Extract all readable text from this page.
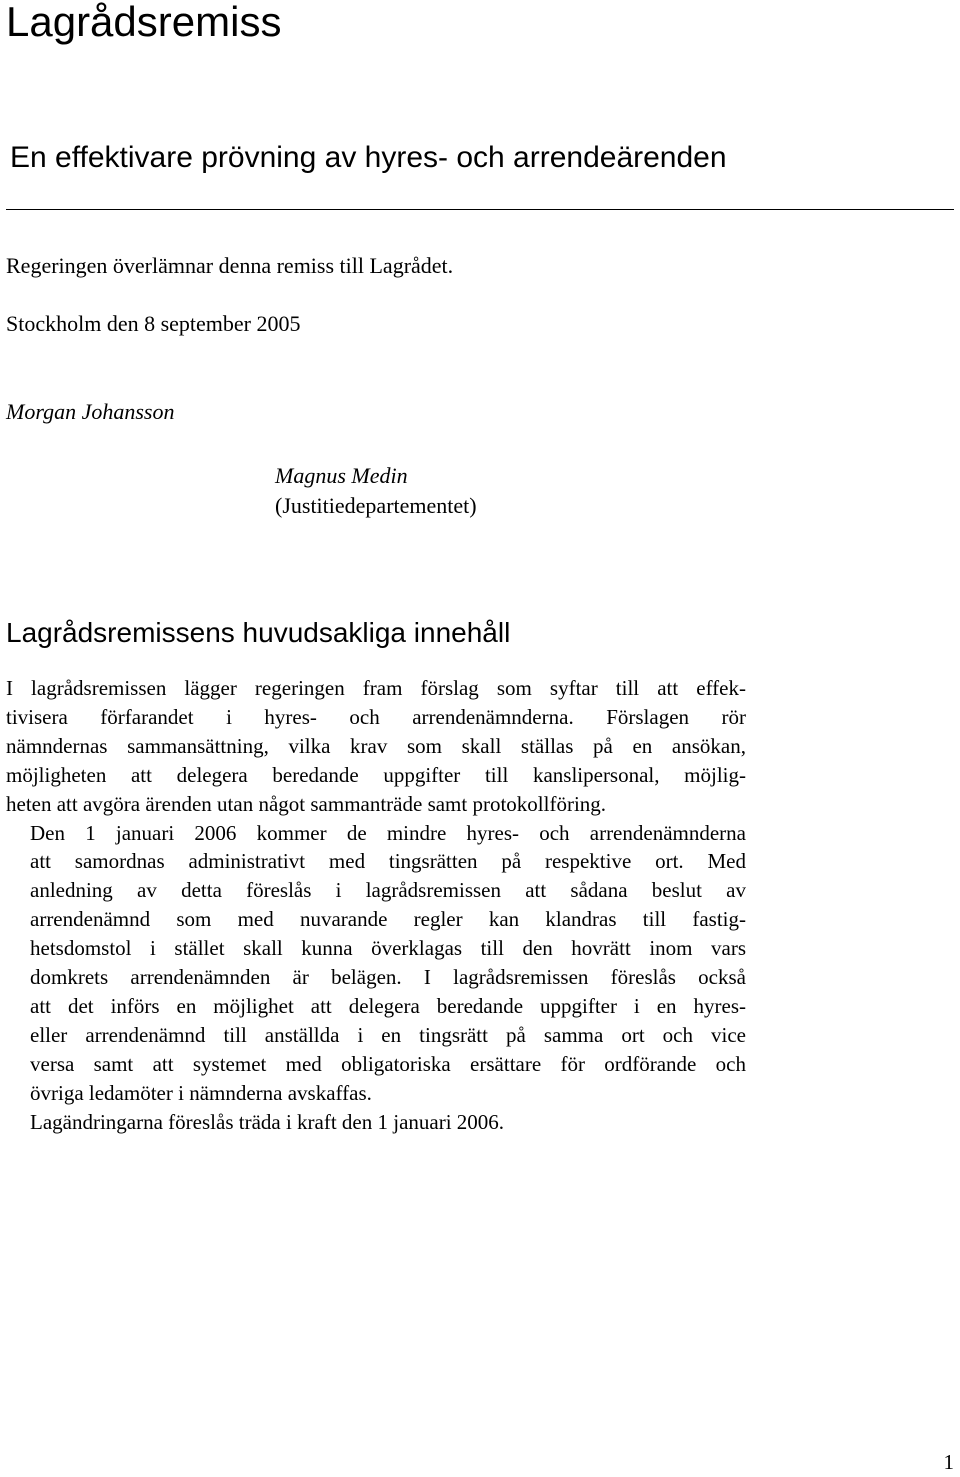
Lagrådsremiss
En effektivare prövning av hyres- och arrendeärenden
Regeringen överlämnar denna remiss till Lagrådet.
Stockholm den 8 september 2005
Morgan Johansson
Magnus Medin
(Justitiedepartementet)
Lagrådsremissens huvudsakliga innehåll

I lagrådsremissen lägger regeringen fram förslag som syftar till att effek-
tivisera förfarandet i hyres- och arrendenämnderna. Förslagen rör
nämndernas sammansättning, vilka krav som skall ställas på en ansökan,
möjligheten att delegera beredande uppgifter till kanslipersonal, möjlig-
heten att avgöra ärenden utan något sammanträde samt protokollföring.

Den 1 januari 2006 kommer de mindre hyres- och arrendenämnderna
att samordnas administrativt med tingsrätten på respektive ort. Med
anledning av detta föreslås i lagrådsremissen att sådana beslut av
arrendenämnd som med nuvarande regler kan klandras till fastig-
hetsdomstol i stället skall kunna överklagas till den hovrätt inom vars
domkrets arrendenämnden är belägen. I lagrådsremissen föreslås också
att det införs en möjlighet att delegera beredande uppgifter i en hyres-
eller arrendenämnd till anställda i en tingsrätt på samma ort och vice
versa samt att systemet med obligatoriska ersättare för ordförande och
övriga ledamöter i nämnderna avskaffas.

Lagändringarna föreslås träda i kraft den 1 januari 2006.

1
